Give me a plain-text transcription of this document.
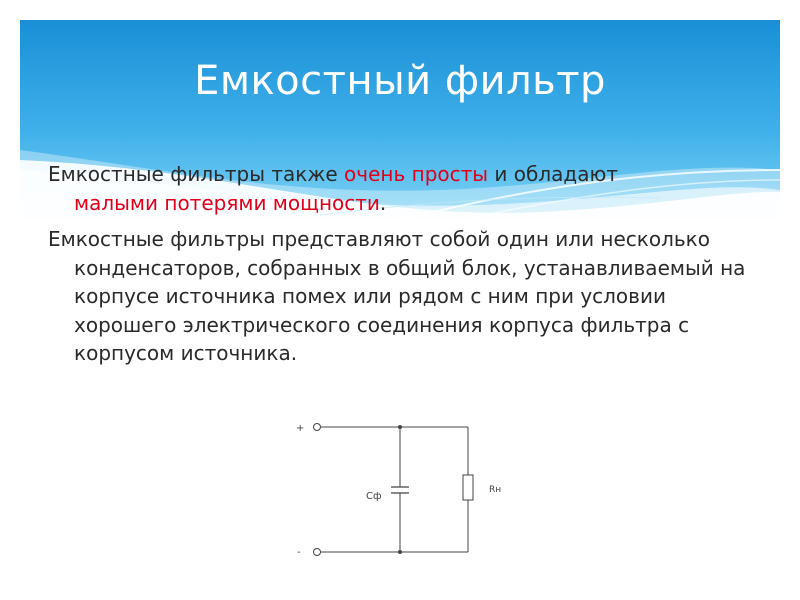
Емкостный фильтр

Емкостные фильтры также очень просты и обладают
малыми потерями мощности.

Емкостные фильтры представляют собой один или несколько конденсаторов, собранных в общий блок, устанавливаемый на корпусе источника помех или рядом с ним при условии хорошего электрического соединения корпуса фильтра с корпусом источника.

+
-
Сф
Rн
